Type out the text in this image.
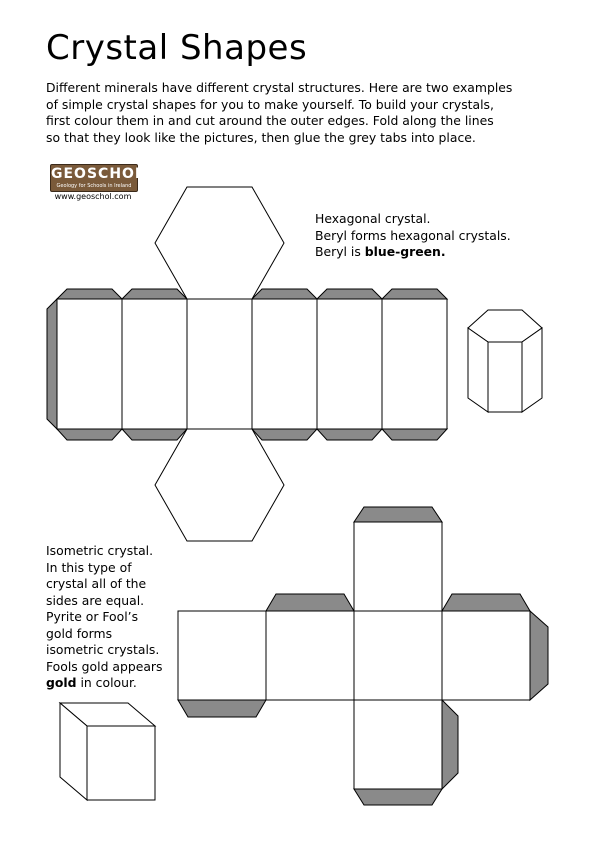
Crystal Shapes
Different minerals have different crystal structures. Here are two examples
of simple crystal shapes for you to make yourself. To build your crystals,
first colour them in and cut around the outer edges. Fold along the lines
so that they look like the pictures, then glue the grey tabs into place.
GEOSCHOL
Geology for Schools in Ireland
www.geoschol.com
Hexagonal crystal.
Beryl forms hexagonal crystals.
Beryl is blue-green.
Isometric crystal.
In this type of
crystal all of the
sides are equal.
Pyrite or Fool’s
gold forms
isometric crystals.
Fools gold appears
gold in colour.
